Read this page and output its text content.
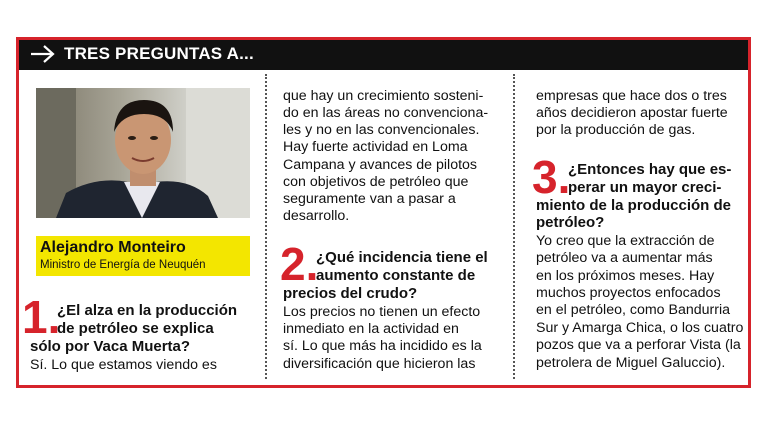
TRES PREGUNTAS A...
Alejandro Monteiro
Ministro de Energía de Neuquén
1.
¿El alza en la producción
de petróleo se explica
sólo por Vaca Muerta?
Sí. Lo que estamos viendo es
que hay un crecimiento sosteni-
do en las áreas no convenciona-
les y no en las convencionales.
Hay fuerte actividad en Loma
Campana y avances de pilotos
con objetivos de petróleo que
seguramente van a pasar a
desarrollo.
2.
¿Qué incidencia tiene el
aumento constante de
precios del crudo?
Los precios no tienen un efecto
inmediato en la actividad en
sí. Lo que más ha incidido es la
diversificación que hicieron las
empresas que hace dos o tres
años decidieron apostar fuerte
por la producción de gas.
3.
¿Entonces hay que es-
perar un mayor creci-
miento de la producción de
petróleo?
Yo creo que la extracción de
petróleo va a aumentar más
en los próximos meses. Hay
muchos proyectos enfocados
en el petróleo, como Bandurria
Sur y Amarga Chica, o los cuatro
pozos que va a perforar Vista (la
petrolera de Miguel Galuccio).
